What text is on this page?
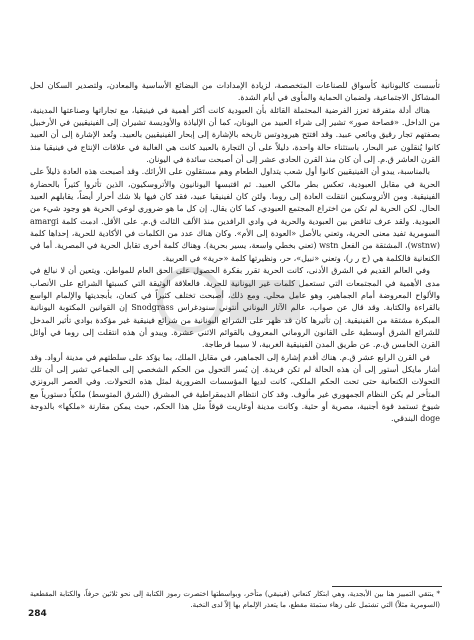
تأسست كالبونانية كأسواق للصناعات المتخصصة، لزيادة الإمدادات من البضائع الأساسية والمعادن، ولتصدير السكان لحل المشاكل الاجتماعية، ولضمان الحماية والمأوى في أيام الشدة.

هناك أدلة متفرقة تعزز الفرضية المحتملة القائلة بأن العبودية كانت أكثر أهمية في فينيقيا، مع تجاراتها وصناعتها المدينية، من الداخل. «فصاحة صور» تشير إلى شراء العبيد من اليونان، كما أن الإلياذة والأوديسة تشيران إلى الفينيقيين في الأرخبيل بصفتهم تجار رقيق وبائعي عبيد. وقد افتتح هيرودوتس تاريخه بالإشارة إلى إبحار الفينيقيين بالعبيد. وتُعد الإشارة إلى أن العبيد كانوا يُنقلون عبر البحار، باستثناء حالة واحدة، دليلاً على أن التجارة بالعبيد كانت هي الغالبة في علاقات الإنتاج في فينيقيا منذ القرن العاشر ق.م. إلى أن كان منذ القرن الحادي عشر إلى أن أصبحت سائدة في اليونان.

بالمناسبة، يبدو أن الفينيقيين كانوا أول شعب يتداول الطعام وهم مستقلون على الأرائك. وقد أصبحت هذه العادة ذليلاً على الحرية في مقابل العبودية، تعكس بطر مالكي العبيد. ثم اقتبسها اليونانيون والأتروسكيون، الذين تأثروا كثيراً بالحضارة الفينيقية. ومن الأتروسكيين انتقلت العادة إلى روما. ولئن كان لفينيقيا عبيد، فقد كان فيها بلا شك أحرار أيضاً، يقابلهم العبيد الحال. لكن الحرية لم تكن من اختراع المجتمع العبودي، كما كان يقال. إن كل ما هو ضروري لوعي الحرية هو وجود شيء من العبودية. ولقد عرف تناقض بين العبودية والحرية في وادي الرافدين منذ الألف الثالث ق.م. على الأقل. ادمت كلمة amargi السومرية تفيد معنى الحرية، وتعني بالأصل «العودة إلى الأم». وكان هناك عدد من الكلمات في الأكادية للحرية، إحداها كلمة (wstnw)، المشتقة من الفعل wstn (تعني بخطي واسعة، يسير بحرية). وهناك كلمة أخرى تقابل الحرية في المصرية. أما في الكنعانية فالكلمة هي (ح ر ر)، وتعني «نبيل»، حر، ونظيرتها كلمة «حرية» في العربية.

وفي العالم القديم في الشرق الأدنى، كانت الحرية تقرر بفكرة الحصول على الحق العام للمواطن. ويتعين أن لا نبالغ في مدى الأهمية في المجتمعات التي تستعمل كلمات غير اليونانية للحرية. فالعلاقة الوثيقة التي كسبتها الشرائع على الأنصاب والألواح المعروضة أمام الجماهير، وهو عامل محلي. ومع ذلك، أصبحت تختلف كثيراً في كنعان، بأبجديتها والإلمام الواسع بالقراءة والكتابة. وقد قال عن صواب، عالم الآثار اليوناني أنتوني سنودغراس Snodgrass إن القوانين المكتوبة اليونانية المبكرة مشتقة من الفينيقية. إن تأثيرها كان قد ظهر على الشرائع اليونانية من شرائع فينيقية غير مؤكدة بوادي تأثير المدخل للشرائع الشرق أوسطية على القانون الروماني المعروف بالقوائم الاثني عشرة. ويبدو أن هذه انتقلت إلى روما في أوائل القرن الخامس ق.م. عن طريق المدن الفينيقية الغربية، لا سيما قرطاجة.

في القرن الرابع عشر ق.م. هناك أقدم إشارة إلى الجماهير، في مقابل الملك، بما يؤكد على سلطتهم في مدينة أرواد. وقد أشار مايكل أستور إلى أن هذه الحالة لم تكن فريدة. إن يُسر التحول من الحكم الشخصي إلى الجماعي تشير إلى أن تلك التحولات الكنعانية حتى تحت الحكم الملكي، كانت لديها المؤسسات الضرورية لمثل هذه التحولات. وفي العصر البرونزي المتأخر لم يكن النظام الجمهوري غير مألوف. وقد كان انتظام الديمقراطية في المشرق (الشرق المتوسط) ملكياً دستورياً مع شيوخ تستمد قوة أجنبية، مصرية أو حثية. وكانت مدينة أوغاريت قوقاً مثل هذا الحكم، حيث يمكن مقارنة «ملكها» بالدوجة doge البندقي.

* ينتقي التمييز هنا بين الأبجدية، وهي ابتكار كنعاني (فينيقي) متأخر، وبواسطتها اختصرت رموز الكتابة إلى نحو ثلاثين حرفاً، والكتابة المقطعية (السومرية مثلاً) التي تشتمل على زهاء ستمئة مقطع، ما يتعذر الإلمام بها إلاّ لدى النخبة.

284
